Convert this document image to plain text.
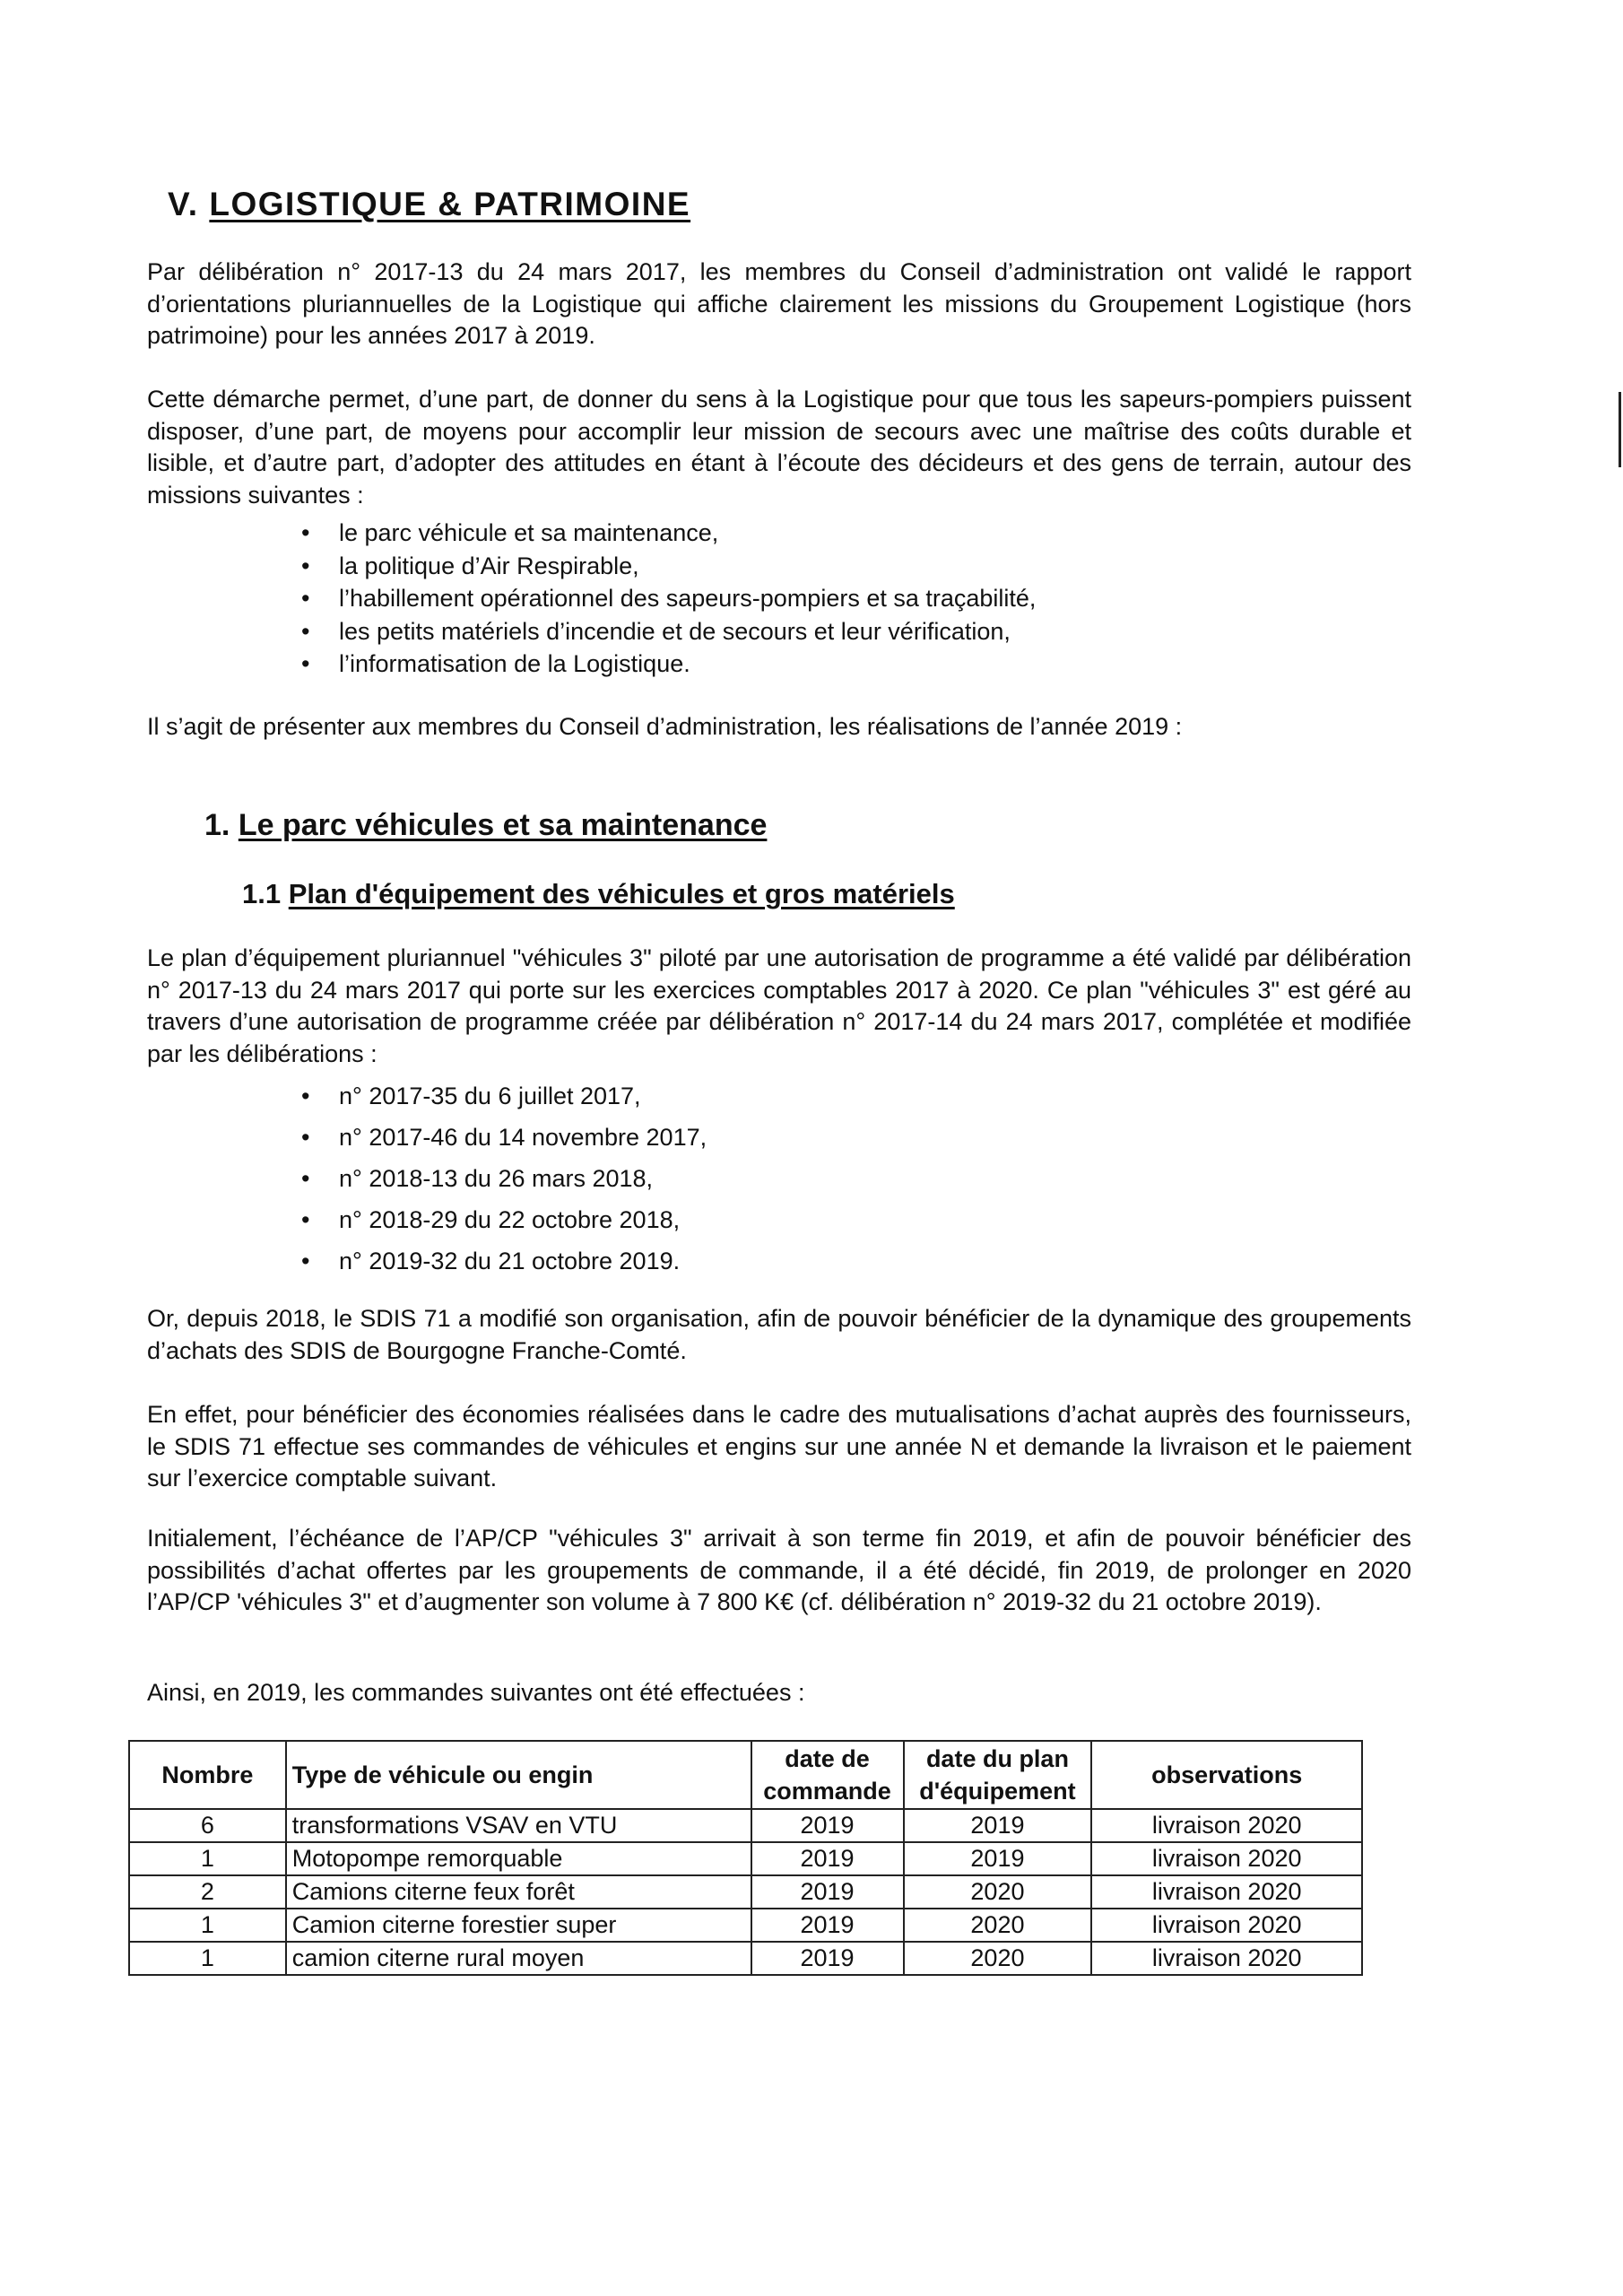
V. LOGISTIQUE & PATRIMOINE

Par délibération n° 2017-13 du 24 mars 2017, les membres du Conseil d’administration ont validé le rapport d’orientations pluriannuelles de la Logistique qui affiche clairement les missions du Groupement Logistique (hors patrimoine) pour les années 2017 à 2019.

Cette démarche permet, d’une part, de donner du sens à la Logistique pour que tous les sapeurs-pompiers puissent disposer, d’une part, de moyens pour accomplir leur mission de secours avec une maîtrise des coûts durable et lisible, et d’autre part, d’adopter des attitudes en étant à l’écoute des décideurs et des gens de terrain, autour des missions suivantes :

• le parc véhicule et sa maintenance,
• la politique d’Air Respirable,
• l’habillement opérationnel des sapeurs-pompiers et sa traçabilité,
• les petits matériels d’incendie et de secours et leur vérification,
• l’informatisation de la Logistique.

Il s’agit de présenter aux membres du Conseil d’administration, les réalisations de l’année 2019 :

1. Le parc véhicules et sa maintenance
1.1 Plan d'équipement des véhicules et gros matériels

Le plan d’équipement pluriannuel "véhicules 3" piloté par une autorisation de programme a été validé par délibération n° 2017-13 du 24 mars 2017 qui porte sur les exercices comptables 2017 à 2020. Ce plan "véhicules 3" est géré au travers d’une autorisation de programme créée par délibération n° 2017-14 du 24 mars 2017, complétée et modifiée par les délibérations :

• n° 2017-35 du 6 juillet 2017,
• n° 2017-46 du 14 novembre 2017,
• n° 2018-13 du 26 mars 2018,
• n° 2018-29 du 22 octobre 2018,
• n° 2019-32 du 21 octobre 2019.

Or, depuis 2018, le SDIS 71 a modifié son organisation, afin de pouvoir bénéficier de la dynamique des groupements d’achats des SDIS de Bourgogne Franche-Comté.

En effet, pour bénéficier des économies réalisées dans le cadre des mutualisations d’achat auprès des fournisseurs, le SDIS 71 effectue ses commandes de véhicules et engins sur une année N et demande la livraison et le paiement sur l’exercice comptable suivant.

Initialement, l’échéance de l’AP/CP "véhicules 3" arrivait à son terme fin 2019, et afin de pouvoir bénéficier des possibilités d’achat offertes par les groupements de commande, il a été décidé, fin 2019, de prolonger en 2020 l’AP/CP 'véhicules 3" et d’augmenter son volume à 7 800 K€ (cf. délibération n° 2019-32 du 21 octobre 2019).

Ainsi, en 2019, les commandes suivantes ont été effectuées :

Nombre	Type de véhicule ou engin	date de commande	date du plan d'équipement	observations
6	transformations VSAV en VTU	2019	2019	livraison 2020
1	Motopompe remorquable	2019	2019	livraison 2020
2	Camions citerne feux forêt	2019	2020	livraison 2020
1	Camion citerne forestier super	2019	2020	livraison 2020
1	camion citerne rural moyen	2019	2020	livraison 2020
